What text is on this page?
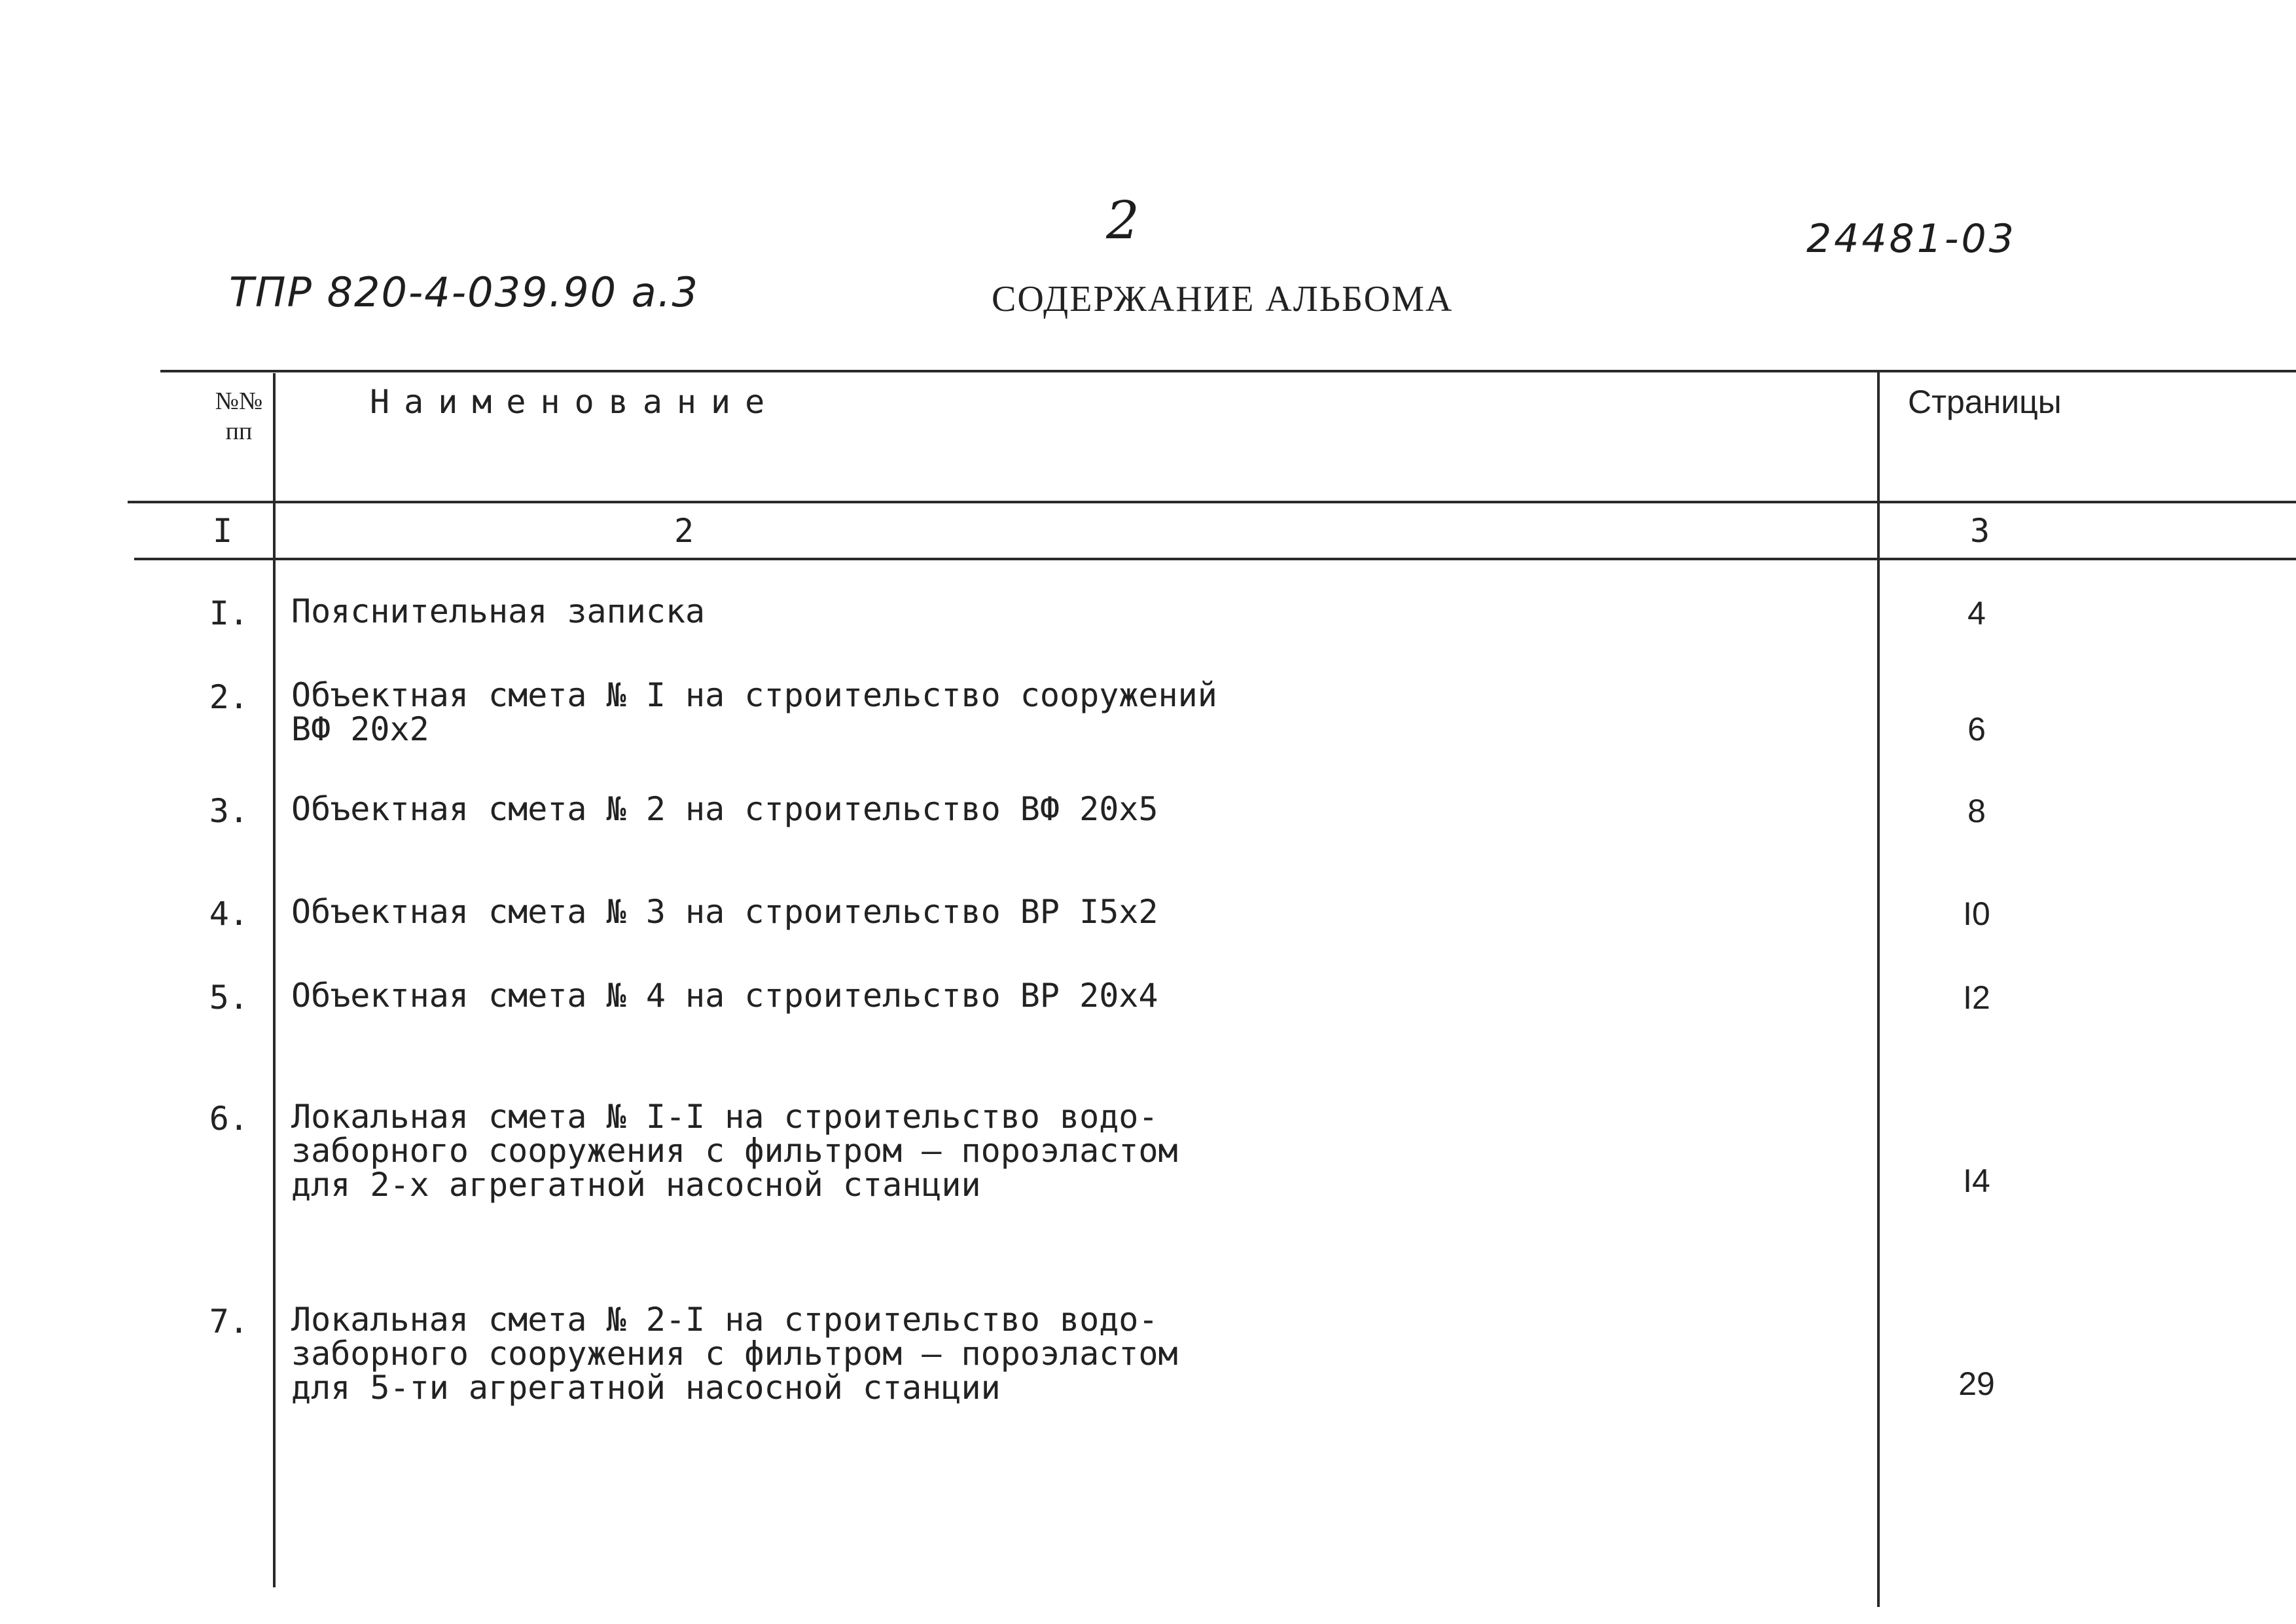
2	24481-03
ТПР 820-4-039.90 а.3	СОДЕРЖАНИЕ АЛЬБОМА
№№
пп
Наименование	Страницы
I	2	3
I. Пояснительная записка	4
2. Объектная смета № I на строительство сооружений
ВФ 20х2	6
3. Объектная смета № 2 на строительство ВФ 20х5	8
4. Объектная смета № 3 на строительство ВР I5х2	I0
5. Объектная смета № 4 на строительство ВР 20х4	I2
6. Локальная смета № I-I на строительство водо-
заборного сооружения с фильтром — пороэластом
для 2-х агрегатной насосной станции	I4
7. Локальная смета № 2-I на строительство водо-
заборного сооружения с фильтром — пороэластом
для 5-ти агрегатной насосной станции	29
